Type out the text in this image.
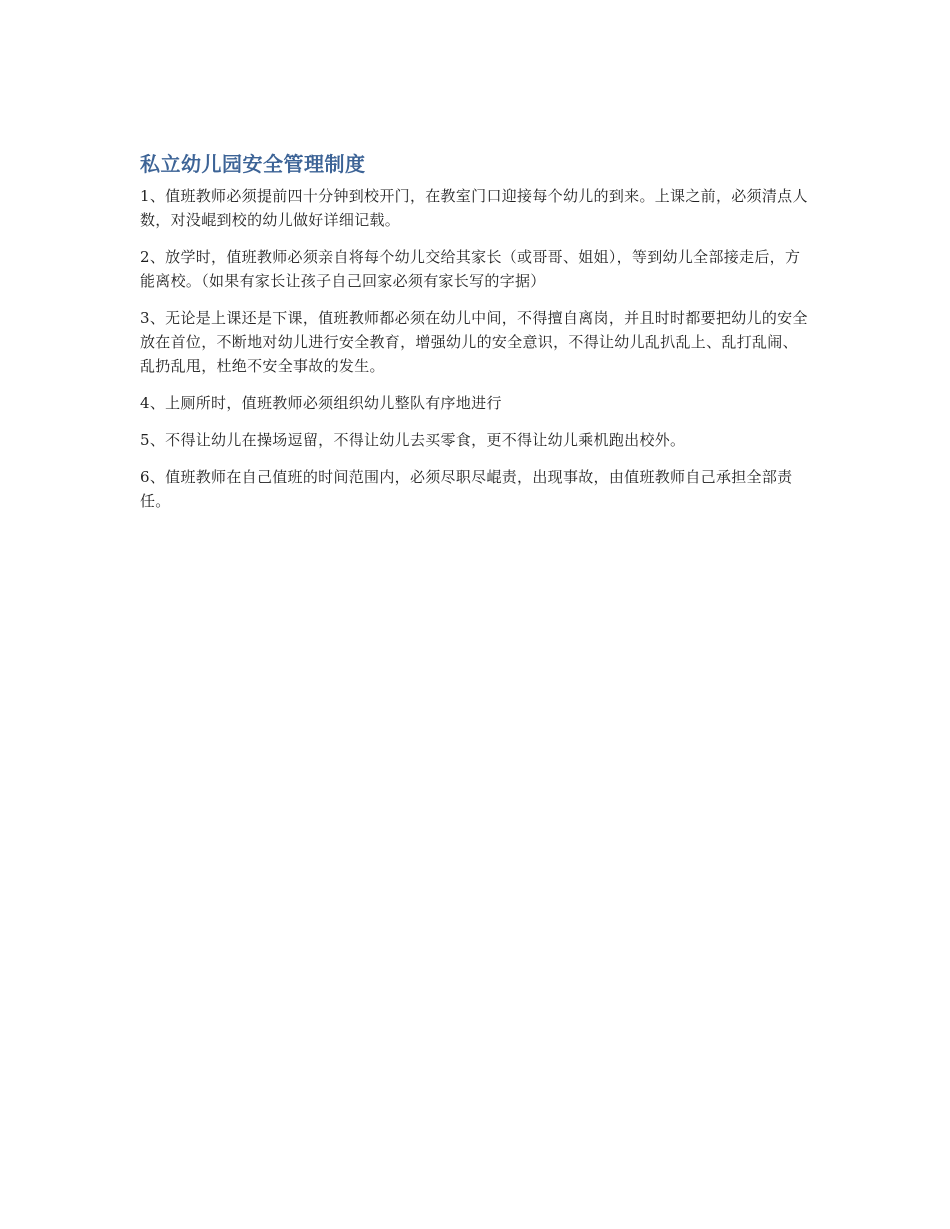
私立幼儿园安全管理制度
1、值班教师必须提前四十分钟到校开门，在教室门口迎接每个幼儿的到来。上课之前，必须清点人数，对没崐到校的幼儿做好详细记载。
2、放学时，值班教师必须亲自将每个幼儿交给其家长（或哥哥、姐姐），等到幼儿全部接走后，方能离校。（如果有家长让孩子自己回家必须有家长写的字据）
3、无论是上课还是下课，值班教师都必须在幼儿中间，不得擅自离岗，并且时时都要把幼儿的安全放在首位，不断地对幼儿进行安全教育，增强幼儿的安全意识，不得让幼儿乱扒乱上、乱打乱闹、乱扔乱甩，杜绝不安全事故的发生。
4、上厕所时，值班教师必须组织幼儿整队有序地进行
5、不得让幼儿在操场逗留，不得让幼儿去买零食，更不得让幼儿乘机跑出校外。
6、值班教师在自己值班的时间范围内，必须尽职尽崐责，出现事故，由值班教师自己承担全部责任。
